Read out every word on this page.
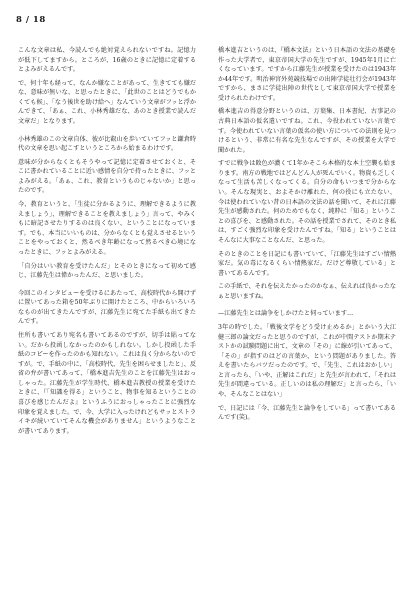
8 / 18

こんな文章は私、今読んでも絶対覚えられないですね。記憶力が低下してますから。ところが、16歳のときに記憶に定着するとよみがえるんです。

で、何十年も経って、なんか嫌なことがあって、生きてても嫌だな、意味が無いな、と思ったときに、「此世のことはどうでもかくても候」、「なう後世を助け給へ」なんていう文章がフッと浮かんできて、「あぁ、これ、小林秀雄だな、あのとき授業で読んだ文章だ」となります。

小林秀雄のこの文章自体、彼が比叡山を歩いていてフッと鎌倉時代の文章を思い起こすというところから始まるわけです。

意味が分からなくともそうやって記憶に定着させておくと、そこに書かれていることに近い感情を自分で持ったときに、フッとよみがえる。「あぁ、これ、教育というものじゃないか」と思ったのです。

今、教育というと、「生徒に分かるように、理解できるように教えましょう」、理解できることを教えましょう」言って、やみくもに暗記させたりするのは良くない、ということになっています。でも、本当にいいものは、分からなくとも覚えさせるということをやっておくと、然るべき年齢になって然るべき心境になったときに、フッとよみがえる。

「自分はいい教育を受けたんだ」とそのときになって初めて感じ、江藤先生は偉かったんだ、と思いました。

今回このインタビューを受けるにあたって、高校時代から開けずに置いてあった箱を50年ぶりに開けたところ、中からいろいろなものが出てきたんですが、江藤先生に宛てた手紙も出てきたんです。

住所も書いてあり宛名も書いてあるのですが、切手は貼ってない。だから投函しなかったのかもしれない。しかし投函した手紙のコピーを作ったのかも知れない。これは良く分からないのですが。で、手紙の中に、「高校時代、先生を困らせましたと」、反省の弁が書いてあって、「橋本進吉先生のことを江藤先生はおっしゃった。江藤先生が学生時代、橋本進吉教授の授業を受けたときに、『「知識を得る」ということ、物事を知るということの喜びを感じたんだよ』というふうにおっしゃったことに強烈な印象を覚えました。で、今、大学に入ったけれどもサッとストライキが続いていてそんな機会がありません」というようなことが書いてあります。

橋本進吉というのは、『橋本文法』という日本語の文法の基礎を作った大学者で、東京帝国大学の先生ですが、1945年1月に亡くなっています。ですから江藤先生が授業を受けたのは1943年か44年です。明治神宮外苑競技場での出陣学徒壮行会が1943年ですから、まさに学徒出陣の世代として東京帝国大学で授業を受けられたわけです。

橋本進吉の得意分野というのは、万葉集、日本書紀、古事記の古典日本語の仮名遣いですね。これ、今役われていない言葉です。今使われていない言葉の仮名の使い方についての法則を見つけるという、非常に有名な先生なんですが、その授業を大学で聞かれた。

すでに戦争は敗色が濃くて1年かそこら本格的な本土空襲も始まります。南方の戦地ではどんどん人が死んでいく。物資も乏しくなって生活も苦しくなってくる。自分の命もいつまで分からない。そんな現実と、およそかけ離れた、何の役にも立たない、今は使われていない昔の日本語の文法の話を聞いて、それに江藤先生が感動された。何のためでもなく、純粋に「知る」ということの喜びを、と感動された。その話を授業でされて、そのとき私は、すごく強烈な印象を受けたんですね。「知る」ということはそんなに大事なことなんだ、と思った。

そのときのことを日記にも書いていて、「江藤先生はすごい情熱家だ。気の毒になるくらい情熱家だ。だけど尊敬している」と書いてあるんです。

この手紙で、それを伝えたかったのかなぁ、伝えれば良かったなぁと思いますね。

—江藤先生とは論争をしかけたと伺っています…

3年の時でした。「戦後文学をどう受け止めるか」とかいう大江健三郎の論文だったと思うのですが、これが中間テストか期末テストかの試験問題に出て、文章の「その」に線が引いてあって、「その」が指すのはどの言葉か、という問題がありました。答えを書いたらバツだったのです。で、「先生、これはおかしい」と言ったら、「いや、正解はこれだ」と先生が言われて、「それは先生が間違っている。正しいのは私の理解だ」と言ったら、「いや、そんなことはない」

で、日記には「今、江藤先生と論争をしている」って書いてあるんです(笑)。
